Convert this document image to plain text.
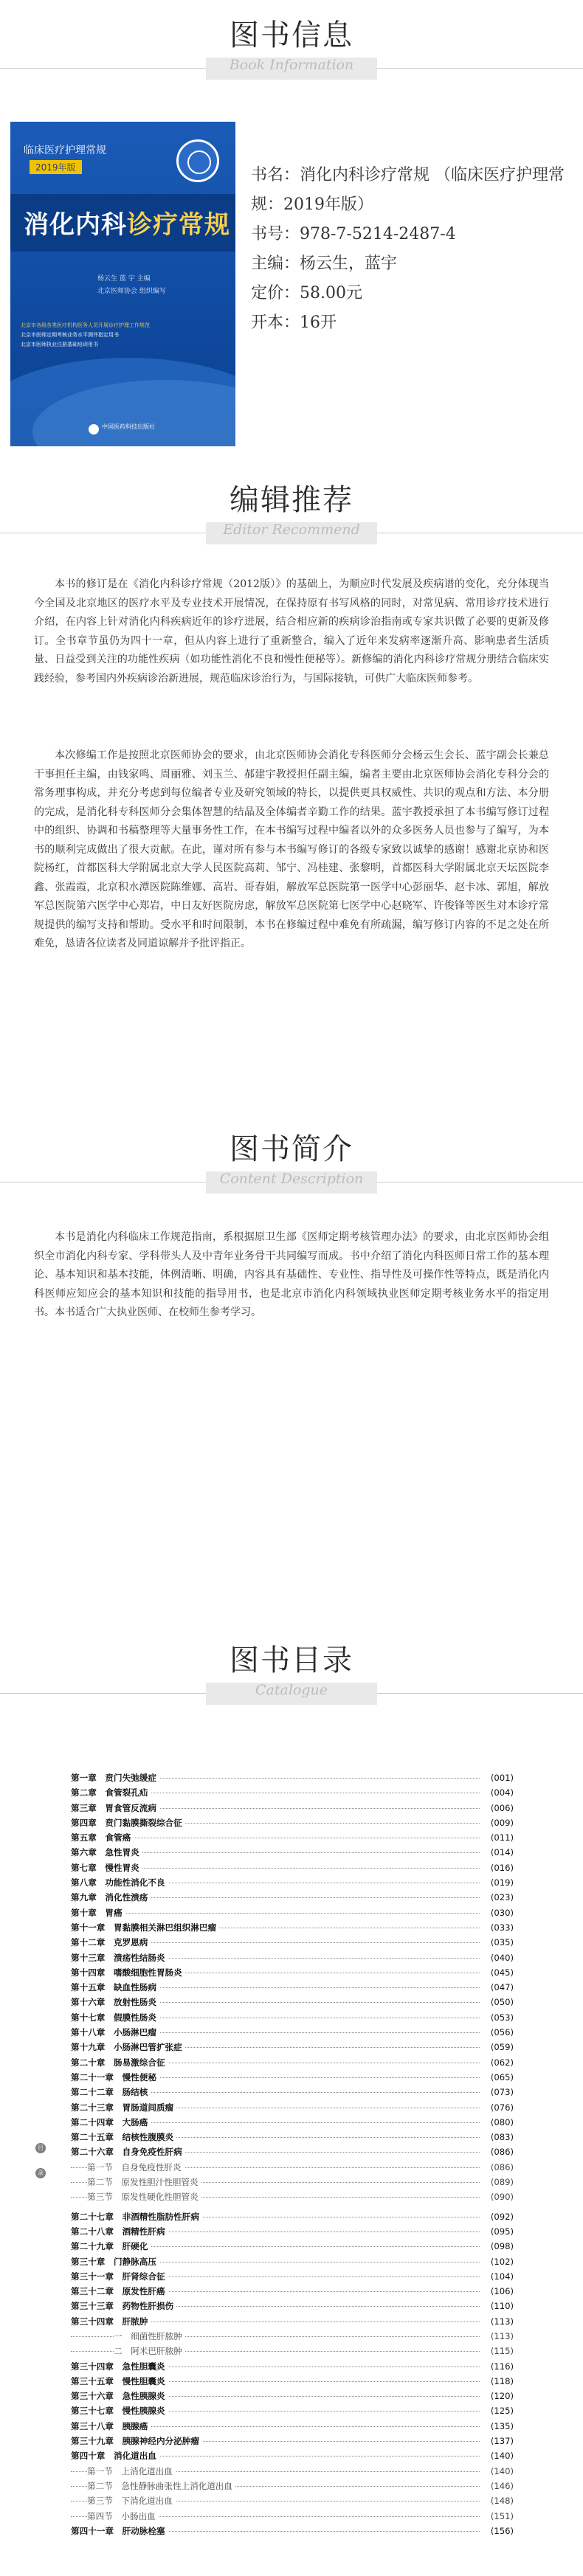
图书信息
Book Information
临床医疗护理常规
2019年版
消化内科诊疗常规
杨云生 蓝 宇 主编
北京医师协会 组织编写
北京市各级各类医疗机构医务人员开展诊疗护理工作规范
北京市医师定期考核业务水平测评指定用书
北京市医师执业注册基础培训用书
中国医药科技出版社
书名：消化内科诊疗常规 （临床医疗护理常规：2019年版）
书号：978-7-5214-2487-4
主编：杨云生，蓝宇
定价：58.00元
开本：16开
编辑推荐
Editor Recommend

本书的修订是在《消化内科诊疗常规（2012版）》的基础上，为顺应时代发展及疾病谱的变化，充分体现当今全国及北京地区的医疗水平及专业技术开展情况，在保持原有书写风格的同时，对常见病、常用诊疗技术进行介绍，在内容上针对消化内科疾病近年的诊疗进展，结合相应新的疾病诊治指南或专家共识做了必要的更新及修订。全书章节虽仍为四十一章，但从内容上进行了重新整合，编入了近年来发病率逐渐升高、影响患者生活质量、日益受到关注的功能性疾病（如功能性消化不良和慢性便秘等）。新修编的消化内科诊疗常规分册结合临床实践经验，参考国内外疾病诊治新进展，规范临床诊治行为，与国际接轨，可供广大临床医师参考。

本次修编工作是按照北京医师协会的要求，由北京医师协会消化专科医师分会杨云生会长、蓝宇副会长兼总干事担任主编，由钱家鸣、周丽雅、刘玉兰、郝建宇教授担任副主编，编者主要由北京医师协会消化专科分会的常务理事构成，并充分考虑到每位编者专业及研究领域的特长，以提供更具权威性、共识的观点和方法、本分册的完成，是消化科专科医师分会集体智慧的结晶及全体编者辛勤工作的结果。蓝宇教授承担了本书编写修订过程中的组织、协调和书稿整理等大量事务性工作，在本书编写过程中编者以外的众多医务人员也参与了编写，为本书的顺利完成做出了很大贡献。在此，谨对所有参与本书编写修订的各级专家致以诚挚的感谢！感谢北京协和医院杨红，首都医科大学附属北京大学人民医院高莉、邹宁、冯桂建、张黎明，首都医科大学附属北京天坛医院李鑫、张霞霞，北京积水潭医院陈维娜、高岩、哥春娟，解放军总医院第一医学中心彭丽华、赵卡冰、郭旭，解放军总医院第六医学中心郑岩，中日友好医院房虑，解放军总医院第七医学中心赵晓军、许俊锋等医生对本诊疗常规提供的编写支持和帮助。受水平和时间限制，本书在修编过程中难免有所疏漏，编写修订内容的不足之处在所难免，恳请各位读者及同道谅解并予批评指正。

图书简介
Content Description

本书是消化内科临床工作规范指南，系根据原卫生部《医师定期考核管理办法》的要求，由北京医师协会组织全市消化内科专家、学科带头人及中青年业务骨干共同编写而成。书中介绍了消化内科医师日常工作的基本理论、基本知识和基本技能，体例清晰、明确，内容具有基础性、专业性、指导性及可操作性等特点，既是消化内科医师应知应会的基本知识和技能的指导用书，也是北京市消化内科领域执业医师定期考核业务水平的指定用书。本书适合广大执业医师、在校师生参考学习。

图书目录
Catalogue
目
录
第一章　贲门失弛缓症	(001)
第二章　食管裂孔疝	(004)
第三章　胃食管反流病	(006)
第四章　贲门黏膜撕裂综合征	(009)
第五章　食管癌	(011)
第六章　急性胃炎	(014)
第七章　慢性胃炎	(016)
第八章　功能性消化不良	(019)
第九章　消化性溃疡	(023)
第十章　胃癌	(030)
第十一章　胃黏膜相关淋巴组织淋巴瘤	(033)
第十二章　克罗恩病	(035)
第十三章　溃疡性结肠炎	(040)
第十四章　嗜酸细胞性胃肠炎	(045)
第十五章　缺血性肠病	(047)
第十六章　放射性肠炎	(050)
第十七章　假膜性肠炎	(053)
第十八章　小肠淋巴瘤	(056)
第十九章　小肠淋巴管扩张症	(059)
第二十章　肠易激综合征	(062)
第二十一章　慢性便秘	(065)
第二十二章　肠结核	(073)
第二十三章　胃肠道间质瘤	(076)
第二十四章　大肠癌	(080)
第二十五章　结核性腹膜炎	(083)
第二十六章　自身免疫性肝病	(086)
第一节　自身免疫性肝炎	(086)
第二节　原发性胆汁性胆管炎	(089)
第三节　原发性硬化性胆管炎	(090)
第二十七章　非酒精性脂肪性肝病	(092)
第二十八章　酒精性肝病	(095)
第二十九章　肝硬化	(098)
第三十章　门静脉高压	(102)
第三十一章　肝肾综合征	(104)
第三十二章　原发性肝癌	(106)
第三十三章　药物性肝损伤	(110)
第三十四章　肝脓肿	(113)
一　细菌性肝脓肿	(113)
二　阿米巴肝脓肿	(115)
第三十四章　急性胆囊炎	(116)
第三十五章　慢性胆囊炎	(118)
第三十六章　急性胰腺炎	(120)
第三十七章　慢性胰腺炎	(125)
第三十八章　胰腺癌	(135)
第三十九章　胰腺神经内分泌肿瘤	(137)
第四十章　消化道出血	(140)
第一节　上消化道出血	(140)
第二节　急性静脉曲张性上消化道出血	(146)
第三节　下消化道出血	(148)
第四节　小肠出血	(151)
第四十一章　肝动脉栓塞	(156)
